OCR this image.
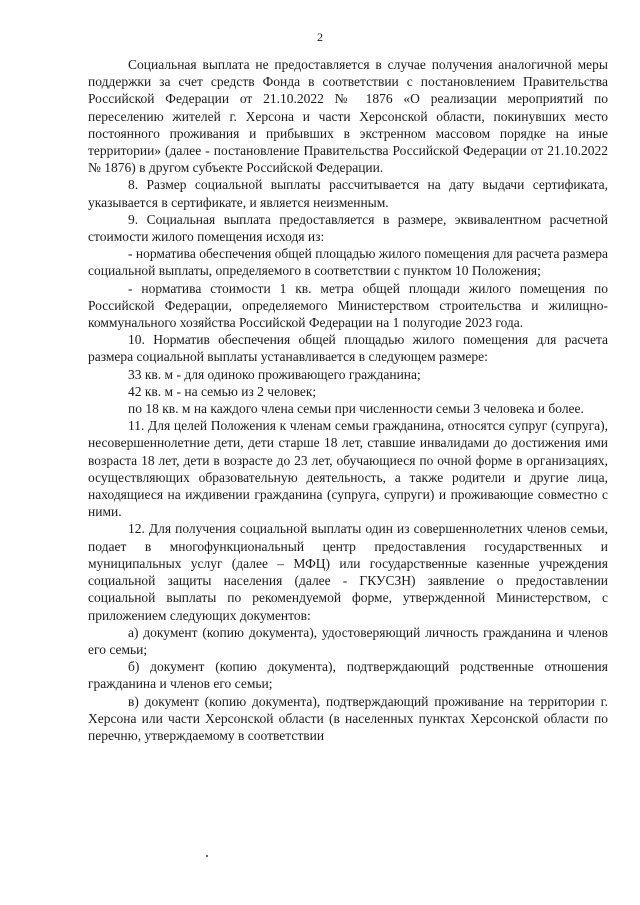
2

Социальная выплата не предоставляется в случае получения аналогичной меры поддержки за счет средств Фонда в соответствии с постановлением Правительства Российской Федерации от 21.10.2022 № 1876 «О реализации мероприятий по переселению жителей г. Херсона и части Херсонской области, покинувших место постоянного проживания и прибывших в экстренном массовом порядке на иные территории» (далее - постановление Правительства Российской Федерации от 21.10.2022 № 1876) в другом субъекте Российской Федерации.

8. Размер социальной выплаты рассчитывается на дату выдачи сертификата, указывается в сертификате, и является неизменным.

9. Социальная выплата предоставляется в размере, эквивалентном расчетной стоимости жилого помещения исходя из:

- норматива обеспечения общей площадью жилого помещения для расчета размера социальной выплаты, определяемого в соответствии с пунктом 10 Положения;

- норматива стоимости 1 кв. метра общей площади жилого помещения по Российской Федерации, определяемого Министерством строительства и жилищно-коммунального хозяйства Российской Федерации на 1 полугодие 2023 года.

10. Норматив обеспечения общей площадью жилого помещения для расчета размера социальной выплаты устанавливается в следующем размере:

33 кв. м - для одиноко проживающего гражданина;

42 кв. м - на семью из 2 человек;

по 18 кв. м на каждого члена семьи при численности семьи 3 человека и более.

11. Для целей Положения к членам семьи гражданина, относятся супруг (супруга), несовершеннолетние дети, дети старше 18 лет, ставшие инвалидами до достижения ими возраста 18 лет, дети в возрасте до 23 лет, обучающиеся по очной форме в организациях, осуществляющих образовательную деятельность, а также родители и другие лица, находящиеся на иждивении гражданина (супруга, супруги) и проживающие совместно с ними.

12. Для получения социальной выплаты один из совершеннолетних членов семьи, подает в многофункциональный центр предоставления государственных и муниципальных услуг (далее – МФЦ) или государственные казенные учреждения социальной защиты населения (далее - ГКУСЗН) заявление о предоставлении социальной выплаты по рекомендуемой форме, утвержденной Министерством, с приложением следующих документов:

а) документ (копию документа), удостоверяющий личность гражданина и членов его семьи;

б) документ (копию документа), подтверждающий родственные отношения гражданина и членов его семьи;

в) документ (копию документа), подтверждающий проживание на территории г. Херсона или части Херсонской области (в населенных пунктах Херсонской области по перечню, утверждаемому в соответствии
